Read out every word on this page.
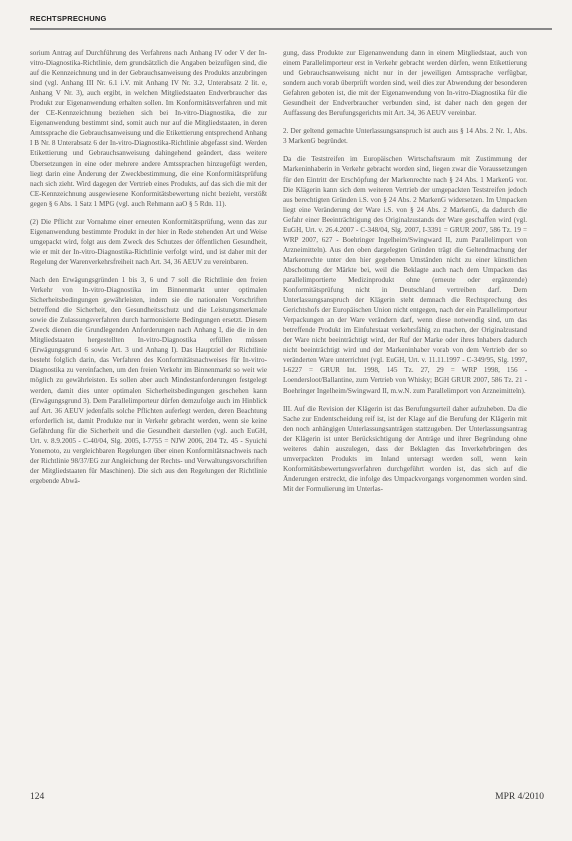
RECHTSPRECHUNG

sorium Antrag auf Durchführung des Verfahrens nach Anhang IV oder V der In-vitro-Diagnostika-Richtlinie, dem grundsätzlich die Angaben beizufügen sind, die auf die Kennzeichnung und in der Gebrauchsanweisung des Produkts anzubringen sind (vgl. Anhang III Nr. 6.1 i.V. mit Anhang IV Nr. 3.2, Unterabsatz 2 lit. e, Anhang V Nr. 3), auch ergibt, in welchen Mitgliedstaaten Endverbraucher das Produkt zur Eigenanwendung erhalten sollen. Im Konformitätsverfahren und mit der CE-Kennzeichnung beziehen sich bei In-vitro-Diagnostika, die zur Eigenanwendung bestimmt sind, somit auch nur auf die Mitgliedstaaten, in deren Amtssprache die Gebrauchsanweisung und die Etikettierung entsprechend Anhang I B Nr. 8 Unterabsatz 6 der In-vitro-Diagnostika-Richtlinie abgefasst sind. Werden Etikettierung und Gebrauchsanweisung dahingehend geändert, dass weitere Übersetzungen in eine oder mehrere andere Amtssprachen hinzugefügt werden, liegt darin eine Änderung der Zweckbestimmung, die eine Konformitätsprüfung nach sich zieht. Wird dagegen der Vertrieb eines Produkts, auf das sich die mit der CE-Kennzeichnung ausgewiesene Konformitätsbewertung nicht bezieht, verstößt gegen § 6 Abs. 1 Satz 1 MPG (vgl. auch Rehmann aaO § 5 Rdn. 11).

(2) Die Pflicht zur Vornahme einer erneuten Konformitätsprüfung, wenn das zur Eigenanwendung bestimmte Produkt in der hier in Rede stehenden Art und Weise umgepackt wird, folgt aus dem Zweck des Schutzes der öffentlichen Gesundheit, wie er mit der In-vitro-Diagnostika-Richtlinie verfolgt wird, und ist daher mit der Regelung der Warenverkehrsfreiheit nach Art. 34, 36 AEUV zu vereinbaren.

Nach den Erwägungsgründen 1 bis 3, 6 und 7 soll die Richtlinie den freien Verkehr von In-vitro-Diagnostika im Binnenmarkt unter optimalen Sicherheitsbedingungen gewährleisten, indem sie die nationalen Vorschriften betreffend die Sicherheit, den Gesundheitsschutz und die Leistungsmerkmale sowie die Zulassungsverfahren durch harmonisierte Bedingungen ersetzt. Diesem Zweck dienen die Grundlegenden Anforderungen nach Anhang I, die die in den Mitgliedstaaten hergestellten In-vitro-Diagnostika erfüllen müssen (Erwägungsgrund 6 sowie Art. 3 und Anhang I). Das Hauptziel der Richtlinie besteht folglich darin, das Verfahren des Konformitätsnachweises für In-vitro-Diagnostika zu vereinfachen, um den freien Verkehr im Binnenmarkt so weit wie möglich zu gewährleisten. Es sollen aber auch Mindestanforderungen festgelegt werden, damit dies unter optimalen Sicherheitsbedingungen geschehen kann (Erwägungsgrund 3). Dem Parallelimporteur dürfen demzufolge auch im Hinblick auf Art. 36 AEUV jedenfalls solche Pflichten auferlegt werden, deren Beachtung erforderlich ist, damit Produkte nur in Verkehr gebracht werden, wenn sie keine Gefährdung für die Sicherheit und die Gesundheit darstellen (vgl. auch EuGH, Urt. v. 8.9.2005 - C-40/04, Slg. 2005, I-7755 = NJW 2006, 204 Tz. 45 - Syuichi Yonemoto, zu vergleichbaren Regelungen über einen Konformitätsnachweis nach der Richtlinie 98/37/EG zur Angleichung der Rechts- und Verwaltungsvorschriften der Mitgliedstaaten für Maschinen). Die sich aus den Regelungen der Richtlinie ergebende Abwä-

gung, dass Produkte zur Eigenanwendung dann in einem Mitgliedstaat, auch von einem Parallelimporteur erst in Verkehr gebracht werden dürfen, wenn Etikettierung und Gebrauchsanweisung nicht nur in der jeweiligen Amtssprache verfügbar, sondern auch vorab überprüft worden sind, weil dies zur Abwendung der besonderen Gefahren geboten ist, die mit der Eigenanwendung von In-vitro-Diagnostika für die Gesundheit der Endverbraucher verbunden sind, ist daher nach den gegen der Auffassung des Berufungsgerichts mit Art. 34, 36 AEUV vereinbar.

2. Der geltend gemachte Unterlassungsanspruch ist auch aus § 14 Abs. 2 Nr. 1, Abs. 3 MarkenG begründet.

Da die Teststreifen im Europäischen Wirtschaftsraum mit Zustimmung der Markeninhaberin in Verkehr gebracht worden sind, liegen zwar die Voraussetzungen für den Eintritt der Erschöpfung der Markenrechte nach § 24 Abs. 1 MarkenG vor. Die Klägerin kann sich dem weiteren Vertrieb der umgepackten Teststreifen jedoch aus berechtigten Gründen i.S. von § 24 Abs. 2 MarkenG widersetzen. Im Umpacken liegt eine Veränderung der Ware i.S. von § 24 Abs. 2 MarkenG, da dadurch die Gefahr einer Beeinträchtigung des Originalzustands der Ware geschaffen wird (vgl. EuGH, Urt. v. 26.4.2007 - C-348/04, Slg. 2007, I-3391 = GRUR 2007, 586 Tz. 19 = WRP 2007, 627 - Boehringer Ingelheim/Swingward II, zum Parallelimport von Arzneimitteln). Aus den oben dargelegten Gründen trägt die Geltendmachung der Markenrechte unter den hier gegebenen Umständen nicht zu einer künstlichen Abschottung der Märkte bei, weil die Beklagte auch nach dem Umpacken das parallelimportierte Medizinprodukt ohne (erneute oder ergänzende) Konformitätsprüfung nicht in Deutschland vertreiben darf. Dem Unterlassungsanspruch der Klägerin steht demnach die Rechtsprechung des Gerichtshofs der Europäischen Union nicht entgegen, nach der ein Parallelimporteur Verpackungen an der Ware verändern darf, wenn diese notwendig sind, um das betreffende Produkt im Einfuhrstaat verkehrsfähig zu machen, der Originalzustand der Ware nicht beeinträchtigt wird, der Ruf der Marke oder ihres Inhabers dadurch nicht beeinträchtigt wird und der Markeninhaber vorab von dem Vertrieb der so veränderten Ware unterrichtet (vgl. EuGH, Urt. v. 11.11.1997 - C-349/95, Slg. 1997, I-6227 = GRUR Int. 1998, 145 Tz. 27, 29 = WRP 1998, 156 - Loendersloot/Ballantine, zum Vertrieb von Whisky; BGH GRUR 2007, 586 Tz. 21 - Boehringer Ingelheim/Swingward II, m.w.N. zum Parallelimport von Arzneimitteln).

III. Auf die Revision der Klägerin ist das Berufungsurteil daher aufzuheben. Da die Sache zur Endentscheidung reif ist, ist der Klage auf die Berufung der Klägerin mit den noch anhängigen Unterlassungsanträgen stattzugeben. Der Unterlassungsantrag der Klägerin ist unter Berücksichtigung der Anträge und ihrer Begründung ohne weiteres dahin auszulegen, dass der Beklagten das Inverkehrbringen des umverpackten Produkts im Inland untersagt werden soll, wenn kein Konformitätsbewertungsverfahren durchgeführt worden ist, das sich auf die Änderungen erstreckt, die infolge des Umpackvorgangs vorgenommen worden sind. Mit der Formulierung im Unterlas-

124	MPR 4/2010
